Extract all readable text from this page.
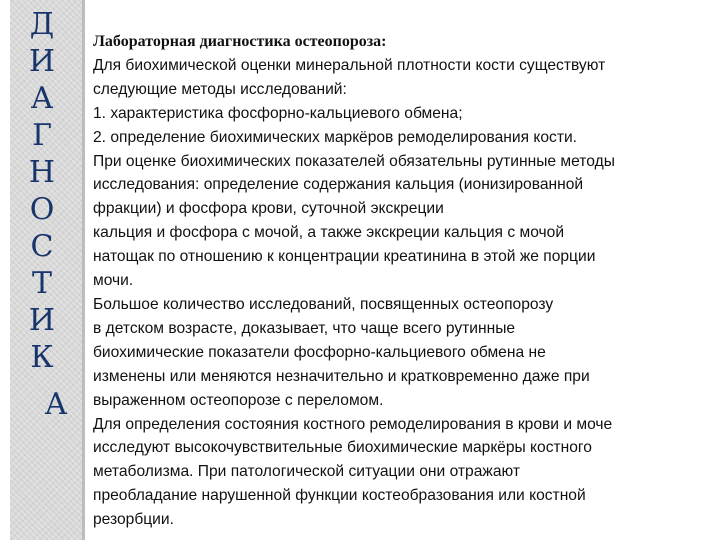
Д
И
А
Г
Н
О
С
Т
И
К
А

Лабораторная диагностика остеопороза:

Для биохимической оценки минеральной плотности кости существуют

следующие методы исследований:

1. характеристика фосфорно-кальциевого обмена;

2. определение биохимических маркёров ремоделирования кости.

При оценке биохимических показателей обязательны рутинные методы

исследования: определение содержания кальция (ионизированной

фракции) и фосфора крови, суточной экскреции

кальция и фосфора с мочой, а также экскреции кальция с мочой

натощак по отношению к концентрации креатинина в этой же порции

мочи.

Большое количество исследований, посвященных остеопорозу

в детском возрасте, доказывает, что чаще всего рутинные

биохимические показатели фосфорно-кальциевого обмена не

изменены или меняются незначительно и кратковременно даже при

выраженном остеопорозе с переломом.

Для определения состояния костного ремоделирования в крови и моче

исследуют высокочувствительные биохимические маркёры костного

метаболизма. При патологической ситуации они отражают

преобладание нарушенной функции костеобразования или костной

резорбции.
